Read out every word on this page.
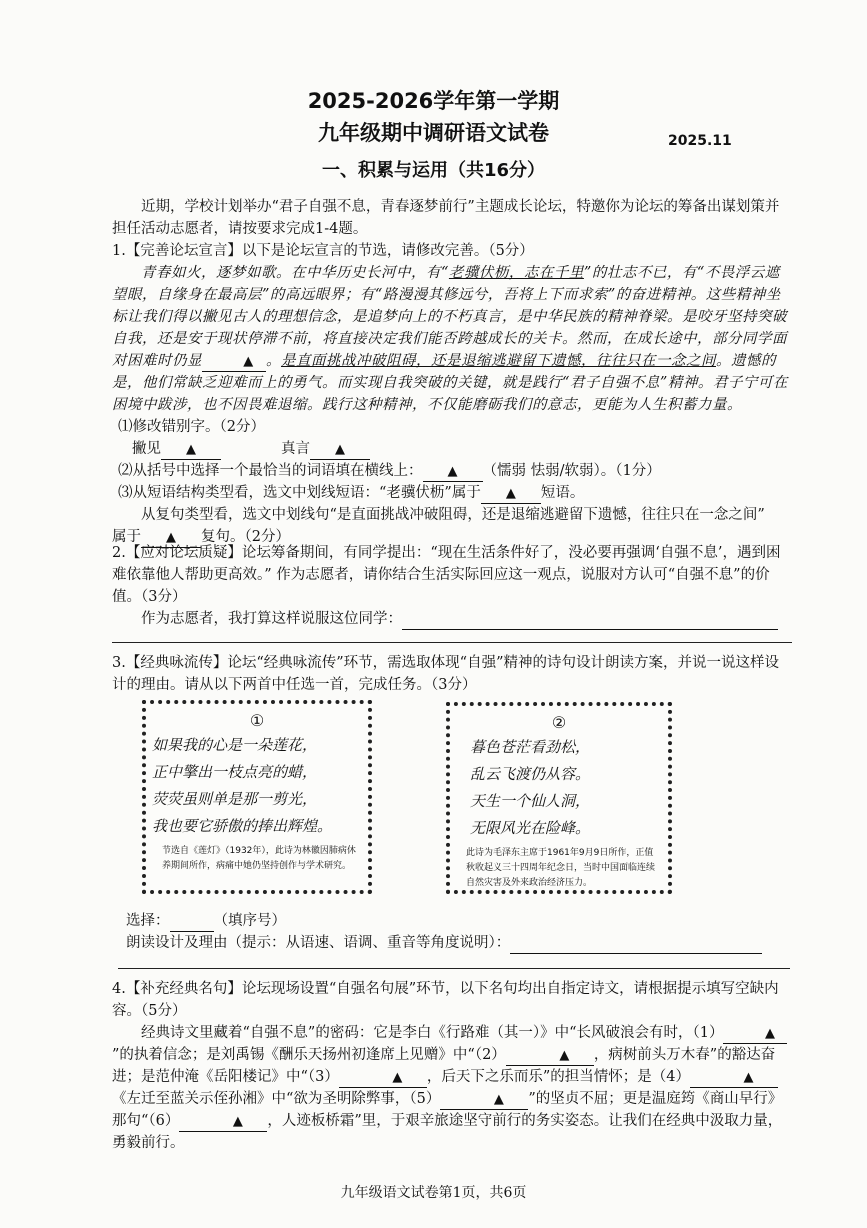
2025-2026学年第一学期
九年级期中调研语文试卷	2025.11
一、积累与运用（共16分）

近期，学校计划举办“君子自强不息，青春逐梦前行”主题成长论坛，特邀你为论坛的筹备出谋划策并担任活动志愿者，请按要求完成1-4题。

1.【完善论坛宣言】以下是论坛宣言的节选，请修改完善。（5分）

青春如火，逐梦如歌。在中华历史长河中，有“老骥伏枥，志在千里”的壮志不已，有“不畏浮云遮望眼，自缘身在最高层”的高远眼界；有“路漫漫其修远兮，吾将上下而求索”的奋进精神。这些精神坐标让我们得以撇见古人的理想信念，是追梦向上的不朽真言，是中华民族的精神脊梁。是咬牙坚持突破自我，还是安于现状停滞不前，将直接决定我们能否跨越成长的关卡。然而，在成长途中，部分同学面对困难时仍显	▲ 。是直面挑战冲破阻碍，还是退缩逃避留下遗憾，往往只在一念之间。遗憾的是，他们常缺乏迎难而上的勇气。而实现自我突破的关键，就是践行“君子自强不息”精神。君子宁可在困境中跋涉，也不因畏难退缩。践行这种精神，不仅能磨砺我们的意志，更能为人生积蓄力量。

⑴修改错别字。（2分）

撇见 ▲	真言 ▲

⑵从括号中选择一个最恰当的词语填在横线上： ▲ （懦弱 怯弱/软弱）。（1分）

⑶从短语结构类型看，选文中划线短语：“老骥伏枥”属于 ▲ 短语。

从复句类型看，选文中划线句“是直面挑战冲破阻碍，还是退缩逃避留下遗憾，往往只在一念之间”

属于 ▲ 复句。（2分）

2.【应对论坛质疑】论坛筹备期间，有同学提出：“现在生活条件好了，没必要再强调‘自强不息’，遇到困难依靠他人帮助更高效。” 作为志愿者，请你结合生活实际回应这一观点，说服对方认可“自强不息”的价值。（3分）

作为志愿者，我打算这样说服这位同学：

3.【经典咏流传】论坛“经典咏流传”环节，需选取体现“自强”精神的诗句设计朗读方案，并说一说这样设计的理由。请从以下两首中任选一首，完成任务。（3分）

①
如果我的心是一朵莲花，
正中擎出一枝点亮的蜡，
荧荧虽则单是那一剪光，
我也要它骄傲的捧出辉煌。
节选自《莲灯》（1932年），此诗为林徽因肺病休养期间所作，病痛中她仍坚持创作与学术研究。
②
暮色苍茫看劲松，
乱云飞渡仍从容。
天生一个仙人洞，
无限风光在险峰。
此诗为毛泽东主席于1961年9月9日所作，正值秋收起义三十四周年纪念日，当时中国面临连续自然灾害及外来政治经济压力。

选择：	（填序号）

朗读设计及理由（提示：从语速、语调、重音等角度说明）：

4.【补充经典名句】论坛现场设置“自强名句展”环节，以下名句均出自指定诗文，请根据提示填写空缺内容。（5分）

经典诗文里藏着“自强不息”的密码：它是李白《行路难（其一）》中“长风破浪会有时，（1）	▲”的执着信念；是刘禹锡《酬乐天扬州初逢席上见赠》中“（2）	▲ ，病树前头万木春”的豁达奋进；是范仲淹《岳阳楼记》中“（3）	▲ ，后天下之乐而乐”的担当情怀；是（4）	▲《左迁至蓝关示侄孙湘》中“欲为圣明除弊事，（5）	▲ ”的坚贞不屈；更是温庭筠《商山早行》那句“（6）	▲ ，人迹板桥霜”里，于艰辛旅途坚守前行的务实姿态。让我们在经典中汲取力量，勇毅前行。

九年级语文试卷第1页，共6页
